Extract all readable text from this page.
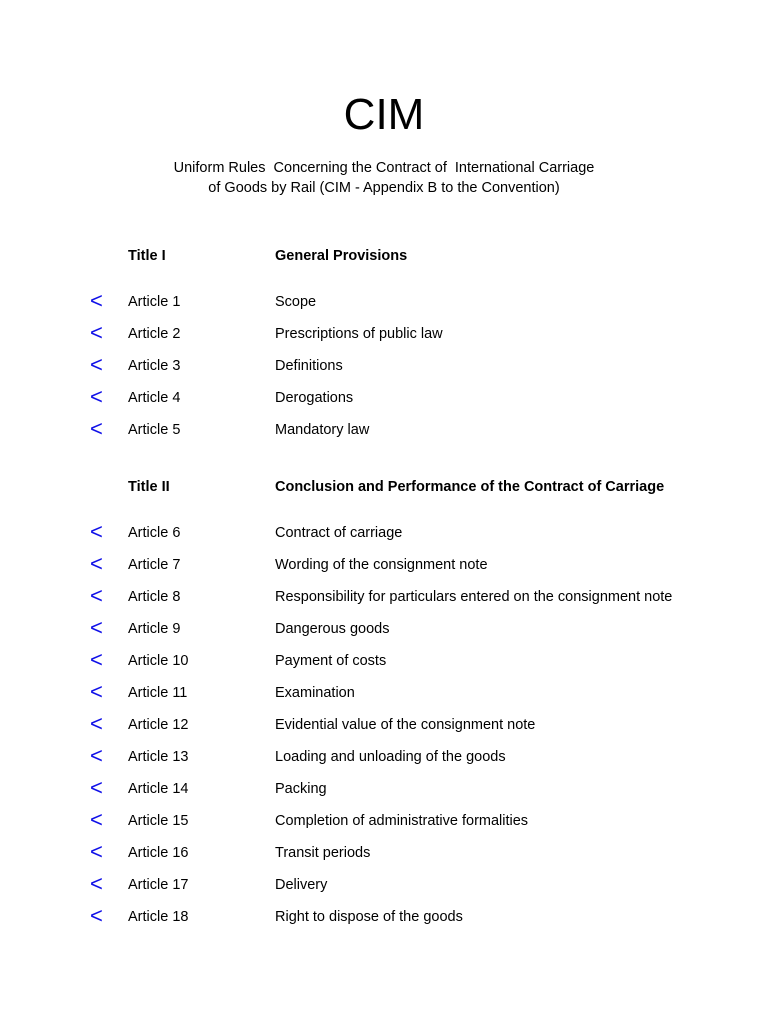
CIM
Uniform Rules  Concerning the Contract of  International Carriage
of Goods by Rail (CIM - Appendix B to the Convention)
Title I	General Provisions
< Article 1	Scope
< Article 2	Prescriptions of public law
< Article 3	Definitions
< Article 4	Derogations
< Article 5	Mandatory law
Title II	Conclusion and Performance of the Contract of Carriage
< Article 6	Contract of carriage
< Article 7	Wording of the consignment note
< Article 8	Responsibility for particulars entered on the consignment note
< Article 9	Dangerous goods
< Article 10	Payment of costs
< Article 11	Examination
< Article 12	Evidential value of the consignment note
< Article 13	Loading and unloading of the goods
< Article 14	Packing
< Article 15	Completion of administrative formalities
< Article 16	Transit periods
< Article 17	Delivery
< Article 18	Right to dispose of the goods
